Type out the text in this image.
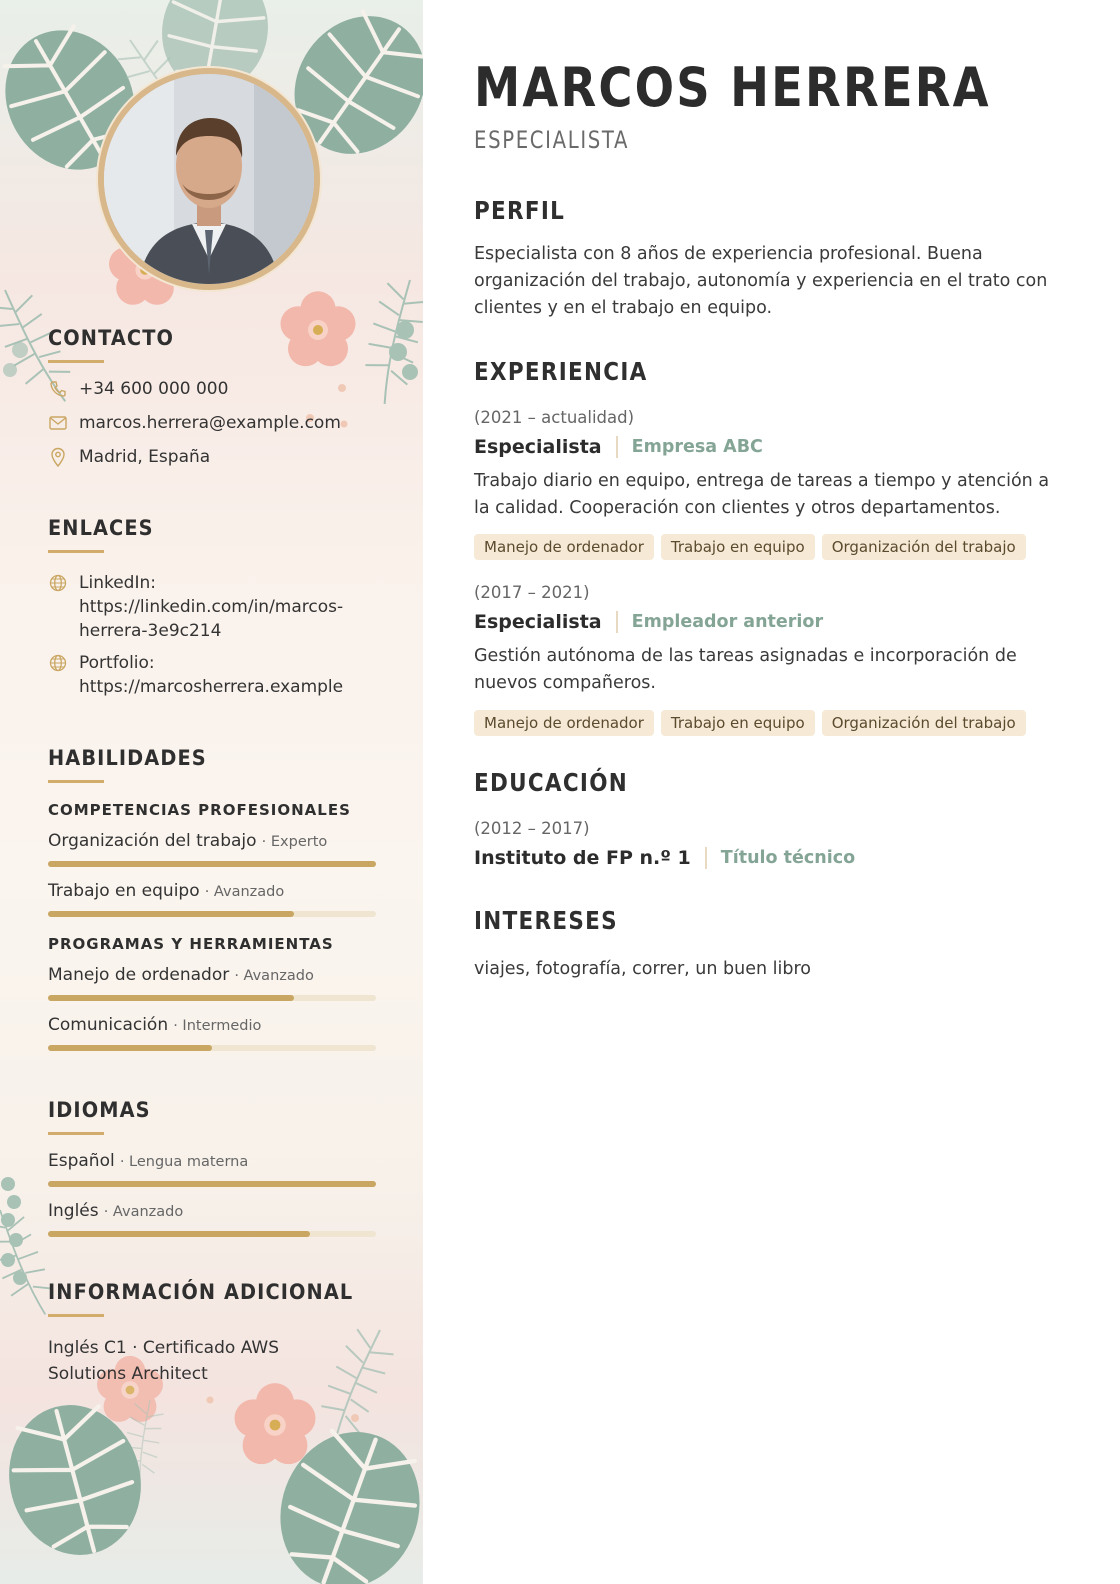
CONTACTO
+34 600 000 000
marcos.herrera@example.com
Madrid, España
ENLACES
LinkedIn: https://linkedin.com/in/marcos-herrera-3e9c214
Portfolio: https://marcosherrera.example
HABILIDADES
COMPETENCIAS PROFESIONALES
Organización del trabajo · Experto
Trabajo en equipo · Avanzado
PROGRAMAS Y HERRAMIENTAS
Manejo de ordenador · Avanzado
Comunicación · Intermedio
IDIOMAS
Español · Lengua materna
Inglés · Avanzado
INFORMACIÓN ADICIONAL
Inglés C1 · Certificado AWS Solutions Architect
MARCOS HERRERA
ESPECIALISTA
PERFIL
Especialista con 8 años de experiencia profesional. Buena organización del trabajo, autonomía y experiencia en el trato con clientes y en el trabajo en equipo.
EXPERIENCIA
(2021 – actualidad)
Especialista Empresa ABC
Trabajo diario en equipo, entrega de tareas a tiempo y atención a la calidad. Cooperación con clientes y otros departamentos.
Manejo de ordenador	Trabajo en equipo	Organización del trabajo
(2017 – 2021)
Especialista Empleador anterior
Gestión autónoma de las tareas asignadas e incorporación de nuevos compañeros.
Manejo de ordenador	Trabajo en equipo	Organización del trabajo
EDUCACIÓN
(2012 – 2017)
Instituto de FP n.º 1 Título técnico
INTERESES
viajes, fotografía, correr, un buen libro
